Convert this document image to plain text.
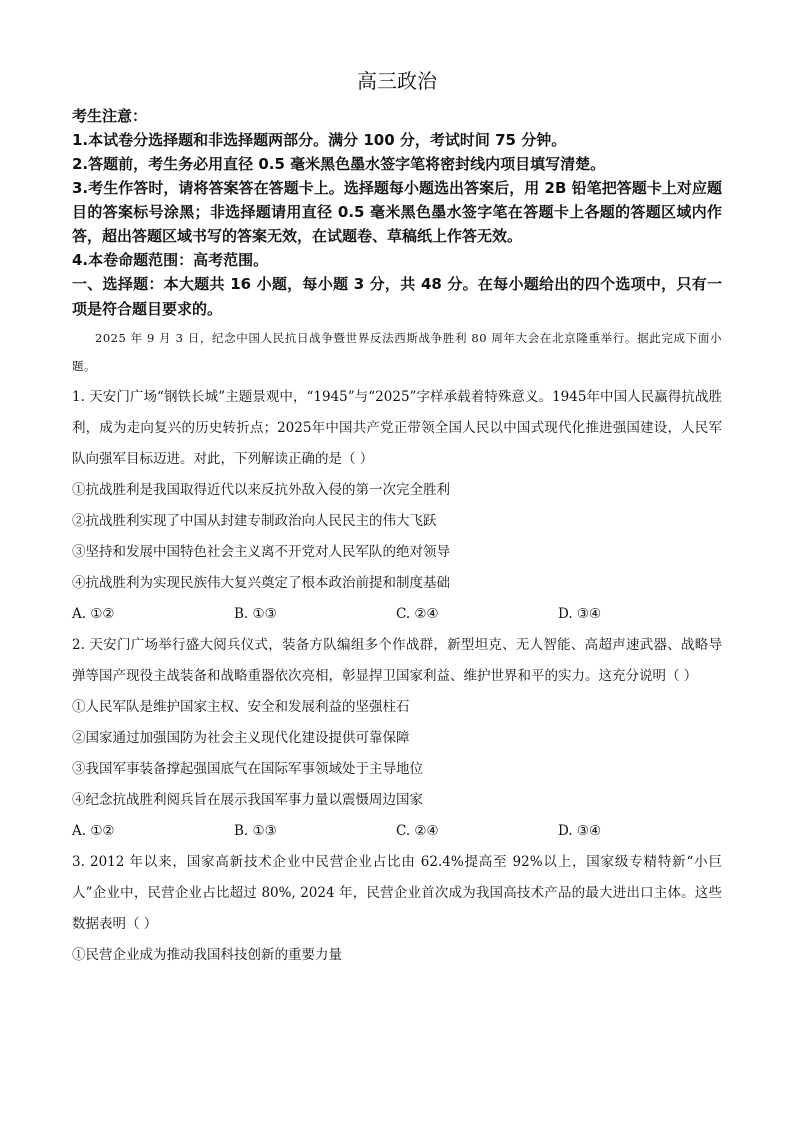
高三政治
考生注意：
1.本试卷分选择题和非选择题两部分。满分 100 分，考试时间 75 分钟。
2.答题前，考生务必用直径 0.5 毫米黑色墨水签字笔将密封线内项目填写清楚。
3.考生作答时，请将答案答在答题卡上。选择题每小题选出答案后，用 2B 铅笔把答题卡上对应题目的答案标号涂黑；非选择题请用直径 0.5 毫米黑色墨水签字笔在答题卡上各题的答题区域内作答，超出答题区域书写的答案无效，在试题卷、草稿纸上作答无效。
4.本卷命题范围：高考范围。
一、选择题：本大题共 16 小题，每小题 3 分，共 48 分。在每小题给出的四个选项中，只有一项是符合题目要求的。
2025 年 9 月 3 日，纪念中国人民抗日战争暨世界反法西斯战争胜利 80 周年大会在北京隆重举行。据此完成下面小题。
1. 天安门广场“钢铁长城”主题景观中，“1945”与“2025”字样承载着特殊意义。1945年中国人民赢得抗战胜利，成为走向复兴的历史转折点；2025年中国共产党正带领全国人民以中国式现代化推进强国建设，人民军队向强军目标迈进。对此，下列解读正确的是（ ）
①抗战胜利是我国取得近代以来反抗外敌入侵的第一次完全胜利
②抗战胜利实现了中国从封建专制政治向人民民主的伟大飞跃
③坚持和发展中国特色社会主义离不开党对人民军队的绝对领导
④抗战胜利为实现民族伟大复兴奠定了根本政治前提和制度基础
A. ①②	B. ①③	C. ②④	D. ③④
2. 天安门广场举行盛大阅兵仪式，装备方队编组多个作战群，新型坦克、无人智能、高超声速武器、战略导弹等国产现役主战装备和战略重器依次亮相，彰显捍卫国家利益、维护世界和平的实力。这充分说明（ ）
①人民军队是维护国家主权、安全和发展利益的坚强柱石
②国家通过加强国防为社会主义现代化建设提供可靠保障
③我国军事装备撑起强国底气在国际军事领域处于主导地位
④纪念抗战胜利阅兵旨在展示我国军事力量以震慑周边国家
A. ①②	B. ①③	C. ②④	D. ③④
3. 2012 年以来，国家高新技术企业中民营企业占比由 62.4%提高至 92%以上，国家级专精特新“小巨人”企业中，民营企业占比超过 80%, 2024 年，民营企业首次成为我国高技术产品的最大进出口主体。这些数据表明（ ）
①民营企业成为推动我国科技创新的重要力量
